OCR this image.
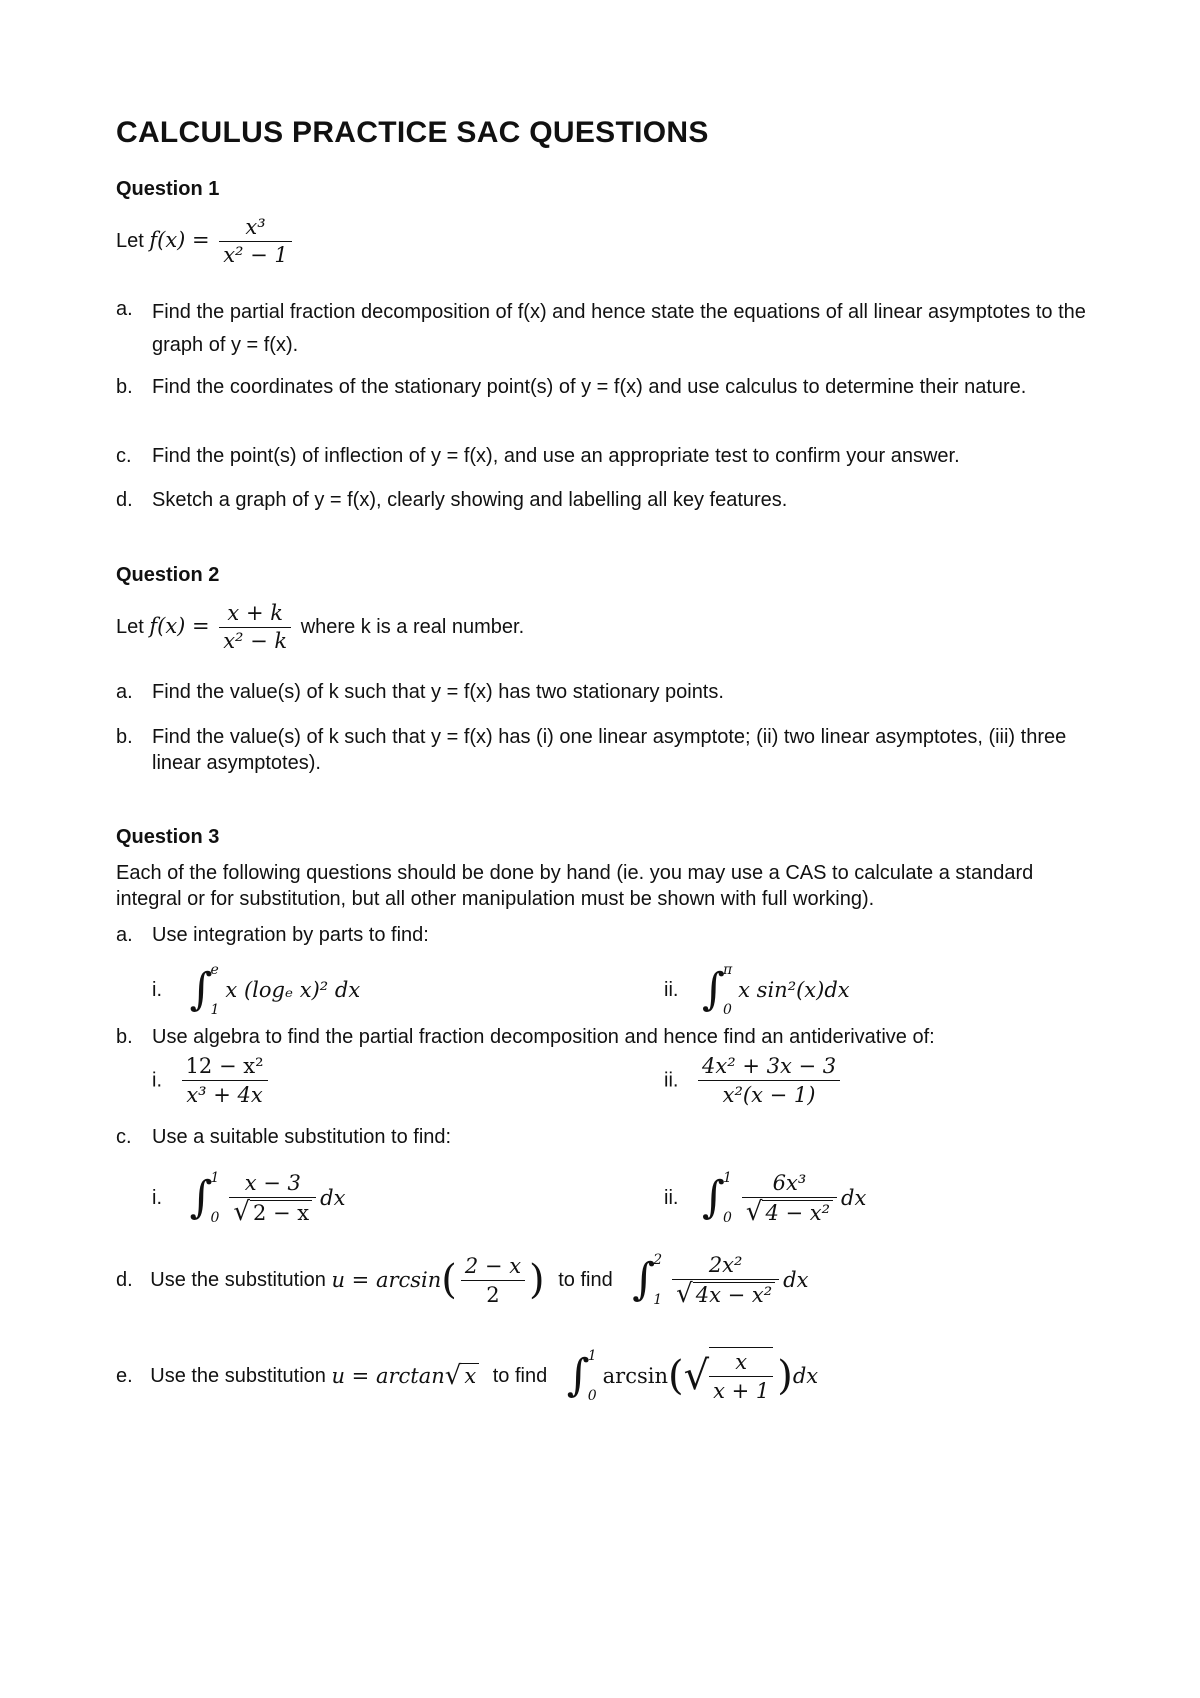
CALCULUS PRACTICE SAC QUESTIONS
Question 1
Let $f(x) = \frac{\text{x³}}{\text{x² − 1}}$
a. Find the partial fraction decomposition of f(x) and hence state the equations of all linear asymptotes to the graph of y = f(x).
b. Find the coordinates of the stationary point(s) of y = f(x) and use calculus to determine their nature.
c. Find the point(s) of inflection of y = f(x), and use an appropriate test to confirm your answer.
d. Sketch a graph of y = f(x), clearly showing and labelling all key features.
Question 2
Let $f(x) = \frac{x + k}{\text{x² − k}}$ where k is a real number.
a. Find the value(s) of k such that y = f(x) has two stationary points.
b. Find the value(s) of k such that y = f(x) has (i) one linear asymptote; (ii) two linear asymptotes, (iii) three linear asymptotes).
Question 3
Each of the following questions should be done by hand (ie. you may use a CAS to calculate a standard integral or for substitution, but all other manipulation must be shown with full working).
a. Use integration by parts to find:
i. ∫
e
1
x (logₑ x)² dx	ii. ∫
π
0
x sin²(x)dx
b. Use algebra to find the partial fraction decomposition and hence find an antiderivative of:
i. $\frac{\text{12 − x²}}{\text{x³ + 4x}}$	ii. $\frac{\text{4x² + 3x − 3}}{\text{x²(x − 1)}}$
c. Use a suitable substitution to find:
i. ∫
1
$0 \frac{x - 3}{√ 2 - x}$ dx	ii. ∫
1
$0 \frac{\text{6x³}}{\text{√ 4 − x²}}$ dx
d. Use the substitution $u = \arcsin( \frac{2 - x}{2}$ ) to find ∫
2
$1 \frac{\text{2x²}}{\text{√ 4x − x²}}$ dx
e. Use the substitution u = arctan√ x to find ∫
1
0
$\arcsin(√ \frac{x}{x + 1} )dx$
